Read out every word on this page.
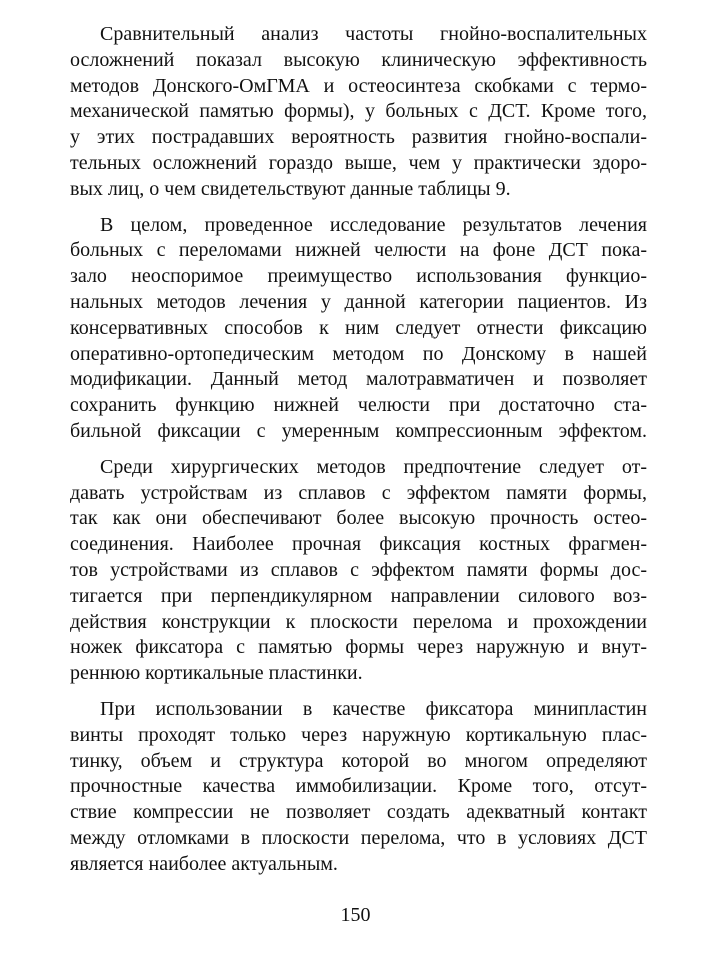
Сравнительный анализ частоты гнойно-воспалительных
осложнений показал высокую клиническую эффективность
методов Донского-ОмГМА и остеосинтеза скобками с термо-
механической памятью формы), у больных с ДСТ. Кроме того,
у этих пострадавших вероятность развития гнойно-воспали-
тельных осложнений гораздо выше, чем у практически здоро-
вых лиц, о чем свидетельствуют данные таблицы 9.
В целом, проведенное исследование результатов лечения
больных с переломами нижней челюсти на фоне ДСТ пока-
зало неоспоримое преимущество использования функцио-
нальных методов лечения у данной категории пациентов. Из
консервативных способов к ним следует отнести фиксацию
оперативно-ортопедическим методом по Донскому в нашей
модификации. Данный метод малотравматичен и позволяет
сохранить функцию нижней челюсти при достаточно ста-
бильной фиксации с умеренным компрессионным эффектом.
Среди хирургических методов предпочтение следует от-
давать устройствам из сплавов с эффектом памяти формы,
так как они обеспечивают более высокую прочность остео-
соединения. Наиболее прочная фиксация костных фрагмен-
тов устройствами из сплавов с эффектом памяти формы дос-
тигается при перпендикулярном направлении силового воз-
действия конструкции к плоскости перелома и прохождении
ножек фиксатора с памятью формы через наружную и внут-
реннюю кортикальные пластинки.
При использовании в качестве фиксатора минипластин
винты проходят только через наружную кортикальную плас-
тинку, объем и структура которой во многом определяют
прочностные качества иммобилизации. Кроме того, отсут-
ствие компрессии не позволяет создать адекватный контакт
между отломками в плоскости перелома, что в условиях ДСТ
является наиболее актуальным.
150
